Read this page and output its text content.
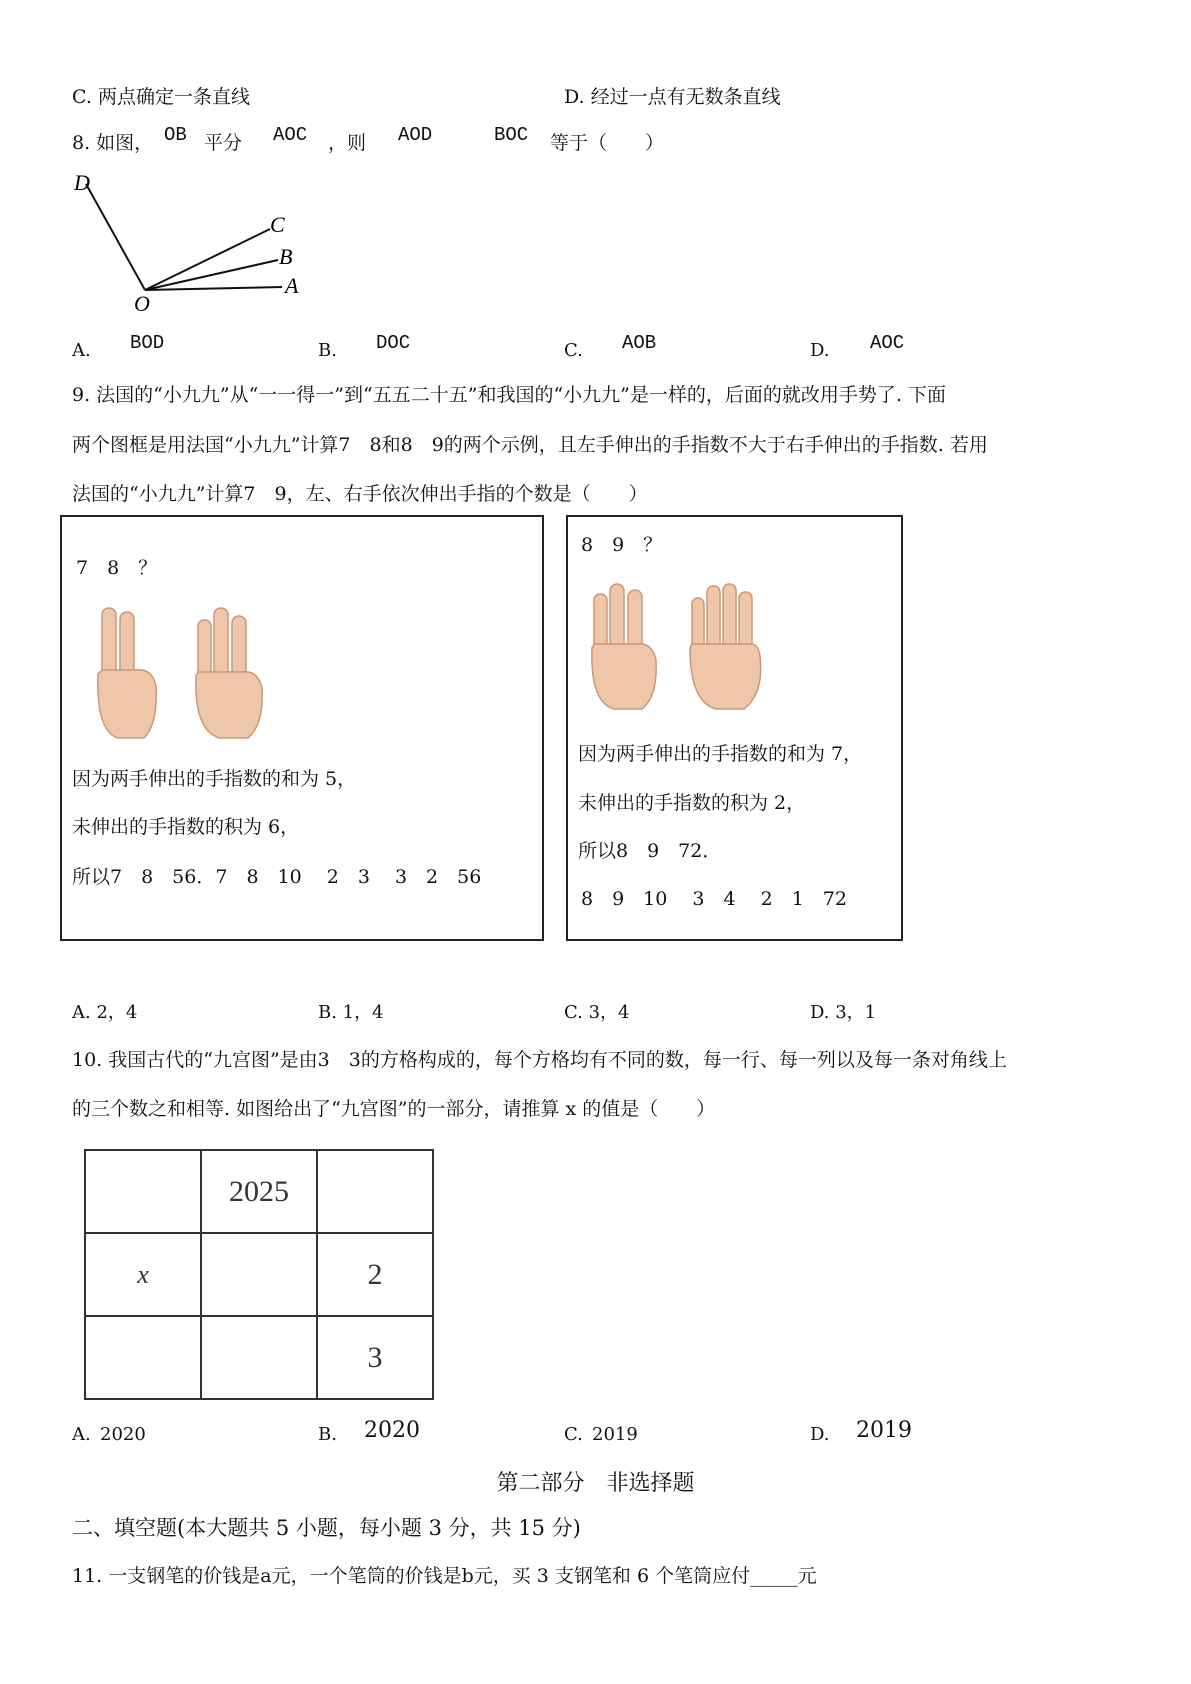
C. 两点确定一条直线	D. 经过一点有无数条直线
8. 如图， OB 平分 AOC ，则 AOD	BOC 等于（　　）
D
C
B
A
O
A. BOD	B. DOC	C. AOB	D. AOC
9. 法国的“小九九”从“一一得一”到“五五二十五”和我国的“小九九”是一样的，后面的就改用手势了. 下面
两个图框是用法国“小九九”计算7　8和8　9的两个示例，且左手伸出的手指数不大于右手伸出的手指数. 若用
法国的“小九九”计算7　9，左、右手依次伸出手指的个数是（　　）
7　8　？
因为两手伸出的手指数的和为 5，
未伸出的手指数的积为 6，
所以7　8　56．7　8　10　 2　3　 3　2　56
8　9　？
因为两手伸出的手指数的和为 7，
未伸出的手指数的积为 2，
所以8　9　72．
8　9　10　 3　4　 2　1　72
A. 2，4	B. 1，4	C. 3，4	D. 3，1
10. 我国古代的“九宫图”是由3　3的方格构成的，每个方格均有不同的数，每一行、每一列以及每一条对角线上
的三个数之和相等. 如图给出了“九宫图”的一部分，请推算 x 的值是（　　）
	2025	
x		2
		3
A. 2020	B. 2020	C. 2019	D. 2019
第二部分　非选择题
二、填空题(本大题共 5 小题，每小题 3 分，共 15 分)
11. 一支钢笔的价钱是a元，一个笔筒的价钱是b元，买 3 支钢笔和 6 个笔筒应付_____元
